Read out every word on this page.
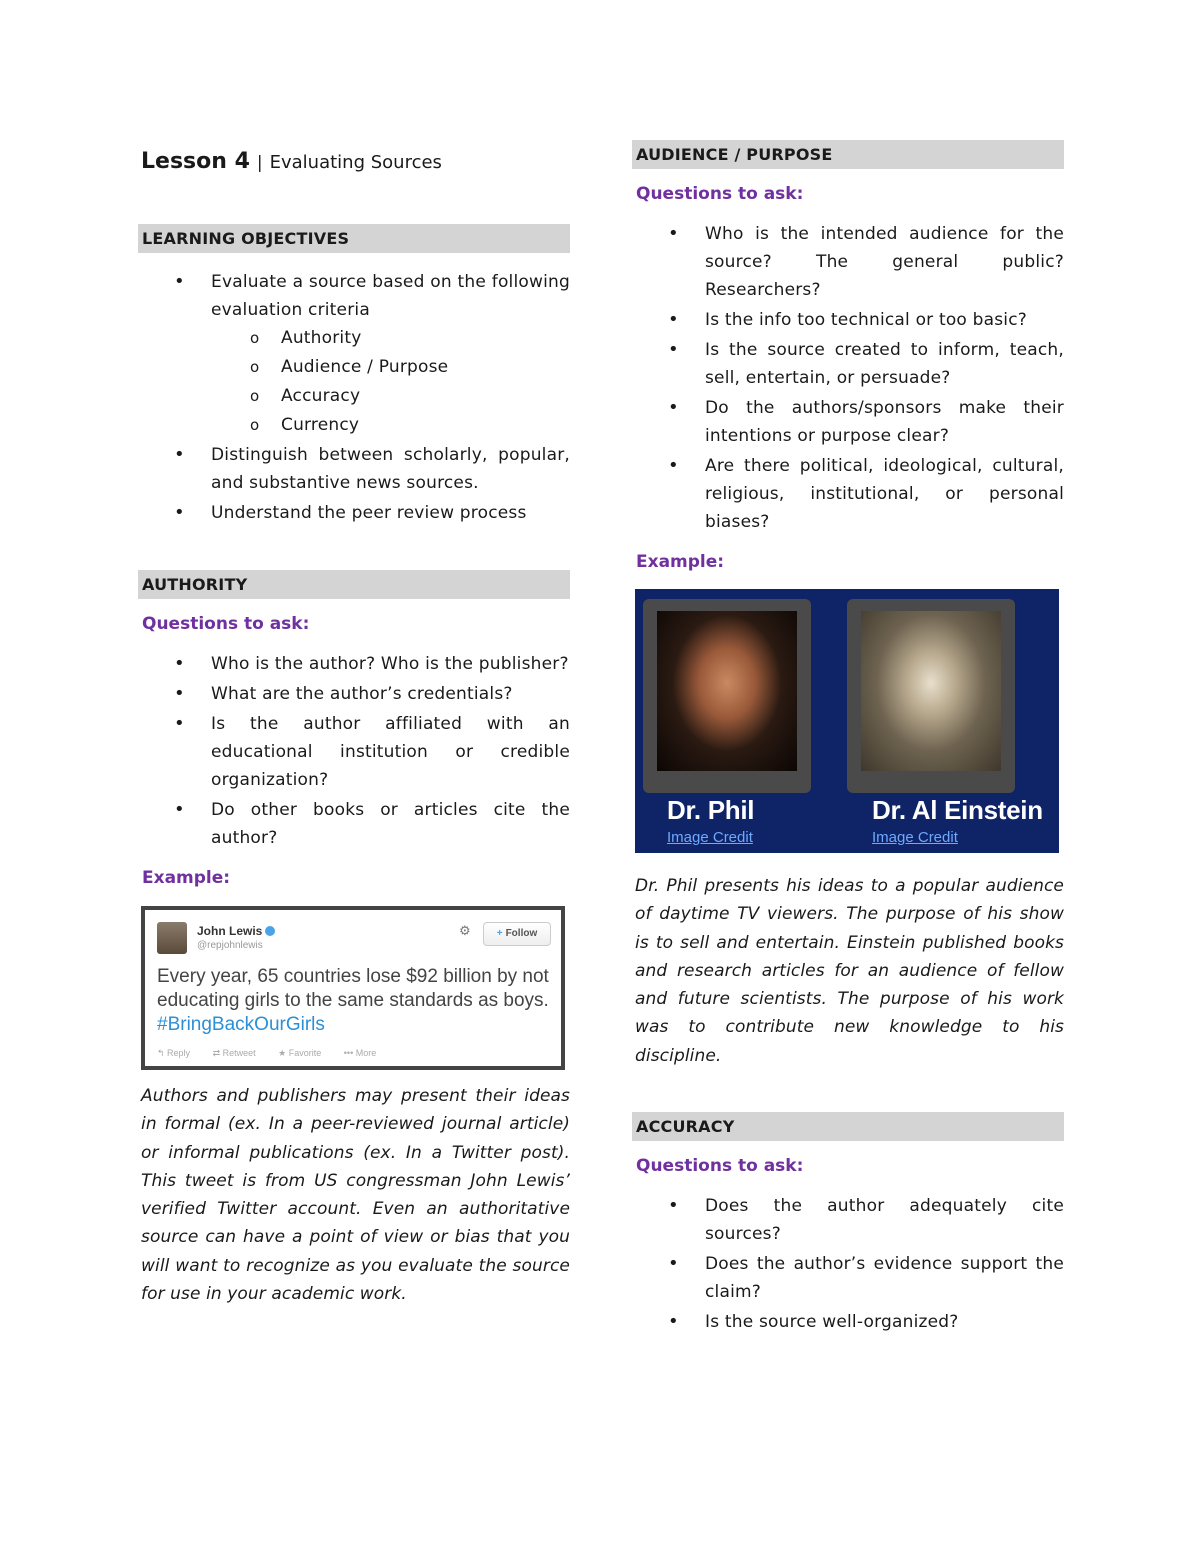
Lesson 4 | Evaluating Sources
LEARNING OBJECTIVES
• Evaluate a source based on the following evaluation criteria
o Authority
o Audience / Purpose
o Accuracy
o Currency
• Distinguish between scholarly, popular, and substantive news sources.
• Understand the peer review process
AUTHORITY
Questions to ask:
• Who is the author? Who is the publisher?
• What are the author’s credentials?
• Is the author affiliated with an educational institution or credible organization?
• Do other books or articles cite the author?
Example:
John Lewis
@repjohnlewis
⚙	+ Follow
Every year, 65 countries lose $92 billion by not educating girls to the same standards as boys. #BringBackOurGirls
↰ Reply	⇄ Retweet	★ Favorite	••• More
Authors and publishers may present their ideas in formal (ex. In a peer-reviewed journal article) or informal publications (ex. In a Twitter post). This tweet is from US congressman John Lewis’ verified Twitter account. Even an authoritative source can have a point of view or bias that you will want to recognize as you evaluate the source for use in your academic work.
AUDIENCE / PURPOSE
Questions to ask:
• Who is the intended audience for the source? The general public? Researchers?
• Is the info too technical or too basic?
• Is the source created to inform, teach, sell, entertain, or persuade?
• Do the authors/sponsors make their intentions or purpose clear?
• Are there political, ideological, cultural, religious, institutional, or personal biases?
Example:
Dr. Phil	Dr. Al Einstein
Image Credit	Image Credit
Dr. Phil presents his ideas to a popular audience of daytime TV viewers. The purpose of his show is to sell and entertain. Einstein published books and research articles for an audience of fellow and future scientists. The purpose of his work was to contribute new knowledge to his discipline.
ACCURACY
Questions to ask:
• Does the author adequately cite sources?
• Does the author’s evidence support the claim?
• Is the source well-organized?
